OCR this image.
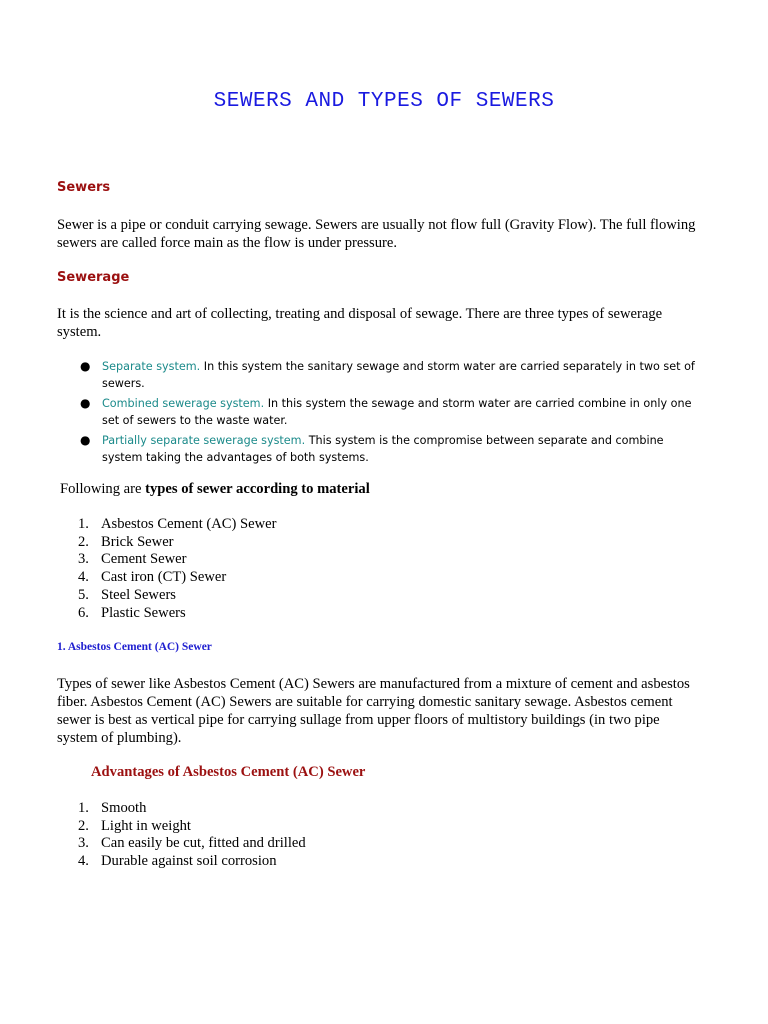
SEWERS AND TYPES OF SEWERS
Sewers
Sewer is a pipe or conduit carrying sewage. Sewers are usually not flow full (Gravity Flow). The full flowing sewers are called force main as the flow is under pressure.
Sewerage
It is the science and art of collecting, treating and disposal of sewage. There are three types of sewerage system.
● Separate system. In this system the sanitary sewage and storm water are carried separately in two set of sewers.
● Combined sewerage system. In this system the sewage and storm water are carried combine in only one set of sewers to the waste water.
● Partially separate sewerage system. This system is the compromise between separate and combine system taking the advantages of both systems.
Following are types of sewer according to material
1. Asbestos Cement (AC) Sewer
2. Brick Sewer
3. Cement Sewer
4. Cast iron (CT) Sewer
5. Steel Sewers
6. Plastic Sewers
1. Asbestos Cement (AC) Sewer
Types of sewer like Asbestos Cement (AC) Sewers are manufactured from a mixture of cement and asbestos fiber. Asbestos Cement (AC) Sewers are suitable for carrying domestic sanitary sewage. Asbestos cement sewer is best as vertical pipe for carrying sullage from upper floors of multistory buildings (in two pipe system of plumbing).
Advantages of Asbestos Cement (AC) Sewer
1. Smooth
2. Light in weight
3. Can easily be cut, fitted and drilled
4. Durable against soil corrosion
